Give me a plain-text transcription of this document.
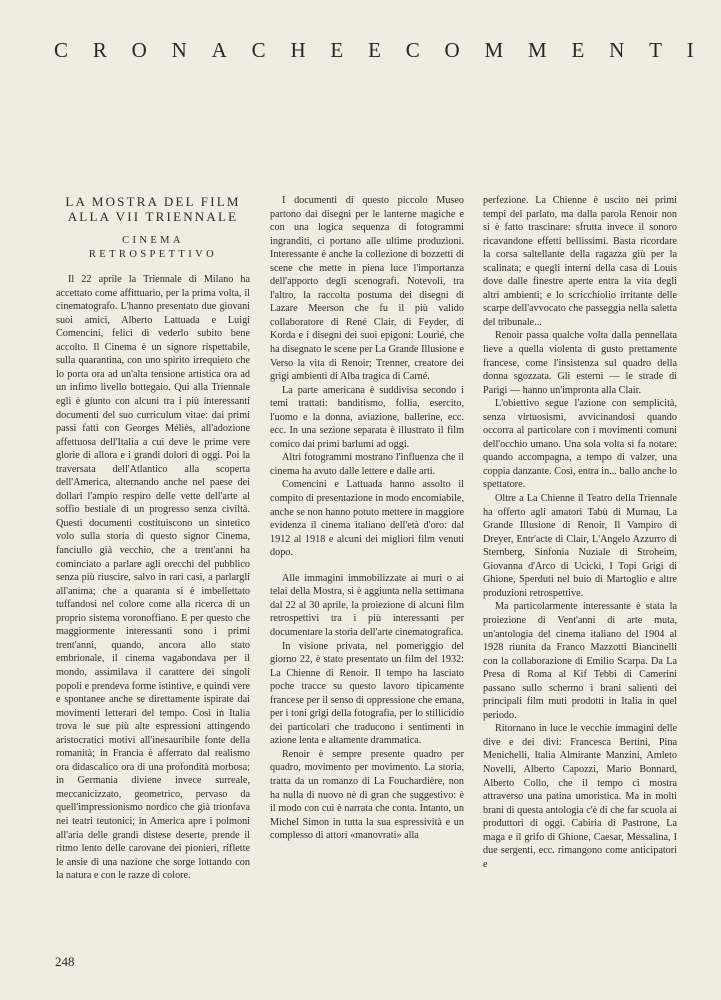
C R O N A C H E E C O M M E N T I
LA MOSTRA DEL FILM
ALLA VII TRIENNALE
CINEMA RETROSPETTIVO

Il 22 aprile la Triennale di Milano ha accettato come affittuario, per la prima volta, il cinematografo. L'hanno presentato due giovani suoi amici, Alberto Lattuada e Luigi Comencini, felici di vederlo subito bene accolto. Il Cinema è un signore rispettabile, sulla quarantina, con uno spirito irrequieto che lo porta ora ad un'alta tensione artistica ora ad un infimo livello bottegaio. Qui alla Triennale egli è giunto con alcuni tra i più interessanti documenti del suo curriculum vitae: dai primi passi fatti con Georges Méliès, all'adozione affettuosa dell'Italia a cui deve le prime vere glorie di allora e i grandi dolori di oggi. Poi la traversata dell'Atlantico alla scoperta dell'America, alternando anche nel paese dei dollari l'ampio respiro delle vette dell'arte al soffio bestiale di un progresso senza civiltà. Questi documenti costituiscono un sintetico volo sulla storia di questo signor Cinema, fanciullo già vecchio, che a trent'anni ha cominciato a parlare agli orecchi del pubblico senza più riuscire, salvo in rari casi, a parlargli all'anima; che a quaranta si è imbellettato tuffandosi nel colore come alla ricerca di un proprio sistema voronoffiano. E per questo che maggiormente interessanti sono i primi trent'anni, quando, ancora allo stato embrionale, il cinema vagabondava per il mondo, assimilava il carattere dei singoli popoli e prendeva forme istintive, e quindi vere e spontanee anche se direttamente ispirate dai movimenti letterari del tempo. Così in Italia trova le sue più alte espressioni attingendo aristocratici motivi all'inesauribile fonte della romanità; in Francia è afferrato dal realismo ora didascalico ora di una profondità morbosa; in Germania diviene invece surreale, meccanicizzato, geometrico, pervaso da quell'impressionismo nordico che già trionfava nei teatri teutonici; in America apre i polmoni all'aria delle grandi distese deserte, prende il ritmo lento delle carovane dei pionieri, riflette le ansie di una nazione che sorge lottando con la natura e con le razze di colore.

I documenti di questo piccolo Museo partono dai disegni per le lanterne magiche e con una logica sequenza di fotogrammi ingranditi, ci portano alle ultime produzioni. Interessante è anche la collezione di bozzetti di scene che mette in piena luce l'importanza dell'apporto degli scenografi. Notevoli, tra l'altro, la raccolta postuma dei disegni di Lazare Meerson che fu il più valido collaboratore di René Clair, di Feyder, di Korda e i disegni dei suoi epigoni: Lourié, che ha disegnato le scene per La Grande Illusione e Verso la vita di Renoir; Trenner, creatore dei grigi ambienti di Alba tragica di Carné.

La parte americana è suddivisa secondo i temi trattati: banditismo, follia, esercito, l'uomo e la donna, aviazione, ballerine, ecc. ecc. In una sezione separata è illustrato il film comico dai primi barlumi ad oggi.

Altri fotogrammi mostrano l'influenza che il cinema ha avuto dalle lettere e dalle arti.

Comencini e Lattuada hanno assolto il compito di presentazione in modo encomiabile, anche se non hanno potuto mettere in maggiore evidenza il cinema italiano dell'età d'oro: dal 1912 al 1918 e alcuni dei migliori film venuti dopo.

Alle immagini immobilizzate ai muri o ai telai della Mostra, si è aggiunta nella settimana dal 22 al 30 aprile, la proiezione di alcuni film retrospettivi tra i più interessanti per documentare la storia dell'arte cinematografica.

In visione privata, nel pomeriggio del giorno 22, è stato presentato un film del 1932: La Chienne di Renoir. Il tempo ha lasciato poche tracce su questo lavoro tipicamente francese per il senso di oppressione che emana, per i toni grigi della fotografia, per lo stillicidio dei particolari che traducono i sentimenti in azione lenta e altamente drammatica.

Renoir è sempre presente quadro per quadro, movimento per movimento. La storia, tratta da un romanzo di La Fouchardière, non ha nulla di nuovo nè di gran che suggestivo: è il modo con cui è narrata che conta. Intanto, un Michel Simon in tutta la sua espressività e un complesso di attori «manovrati» alla

perfezione. La Chienne è uscito nei primi tempi del parlato, ma dalla parola Renoir non si è fatto trascinare: sfrutta invece il sonoro ricavandone effetti bellissimi. Basta ricordare la corsa saltellante della ragazza giù per la scalinata; e quegli interni della casa di Louis dove dalle finestre aperte entra la vita degli altri ambienti; e lo scricchiolio irritante delle scarpe dell'avvocato che passeggia nella saletta del tribunale...

Renoir passa qualche volta dalla pennellata lieve a quella violenta di gusto prettamente francese, come l'insistenza sul quadro della donna sgozzata. Gli esterni — le strade di Parigi — hanno un'impronta alla Clair.

L'obiettivo segue l'azione con semplicità, senza virtuosismi, avvicinandosi quando occorra al particolare con i movimenti comuni dell'occhio umano. Una sola volta si fa notare: quando accompagna, a tempo di valzer, una coppia danzante. Così, entra in... ballo anche lo spettatore.

Oltre a La Chienne il Teatro della Triennale ha offerto agli amatori Tabù di Murnau, La Grande Illusione di Renoir, Il Vampiro di Dreyer, Entr'acte di Clair, L'Angelo Azzurro di Sternberg, Sinfonia Nuziale di Stroheim, Giovanna d'Arco di Ucicki, I Topi Grigi di Ghione, Sperduti nel buio di Martoglio e altre produzioni retrospettive.

Ma particolarmente interessante è stata la proiezione di Vent'anni di arte muta, un'antologia del cinema italiano del 1904 al 1928 riunita da Franco Mazzotti Biancinelli con la collaborazione di Emilio Scarpa. Da La Presa di Roma al Kif Tebbi di Camerini passano sullo schermo i brani salienti dei principali film muti prodotti in Italia in quel periodo.

Ritornano in luce le vecchie immagini delle dive e dei divi: Francesca Bertini, Pina Menichelli, Italia Almirante Manzini, Amleto Novelli, Alberto Capozzi, Mario Bonnard, Alberto Collo, che il tempo ci mostra attraverso una patina umoristica. Ma in molti brani di questa antologia c'è di che far scuola ai produttori di oggi. Cabiria di Pastrone, La maga e il grifo di Ghione, Caesar, Messalina, I due sergenti, ecc. rimangono come anticipatori e

248
